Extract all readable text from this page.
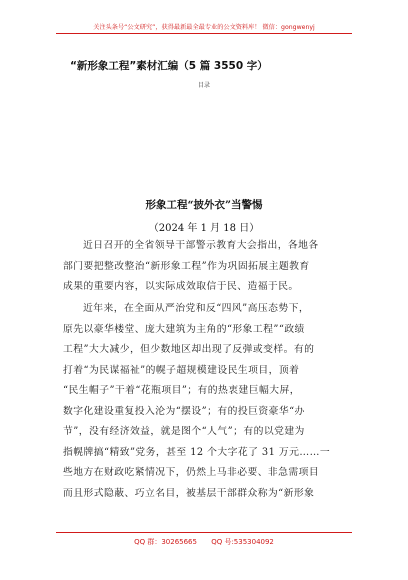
关注头条号“公文研究”，获得最新最全最专业的公文资料库！ 微信：gongwenyj
“新形象工程”素材汇编（5 篇 3550 字）
目录
形象工程“披外衣”当警惕
（2024 年 1 月 18 日）
近日召开的全省领导干部警示教育大会指出，各地各
部门要把整改整治“新形象工程”作为巩固拓展主题教育
成果的重要内容，以实际成效取信于民、造福于民。
近年来，在全面从严治党和反“四风”高压态势下，
原先以豪华楼堂、庞大建筑为主角的“形象工程”“政绩
工程”大大减少，但少数地区却出现了反弹或变样。有的
打着“为民谋福祉”的幌子超规模建设民生项目，顶着
“民生帽子”干着“花瓶项目”；有的热衷建巨幅大屏，
数字化建设重复投入沦为“摆设”；有的投巨资豪华“办
节”，没有经济效益，就是图个“人气”；有的以党建为
指幌牌搞“精致”党务，甚至 12 个大字花了 31 万元……一
些地方在财政吃紧情况下，仍然上马非必要、非急需项目
而且形式隐蔽、巧立名目，被基层干部群众称为“新形象
QQ 群：30265665 QQ 号:535304092
